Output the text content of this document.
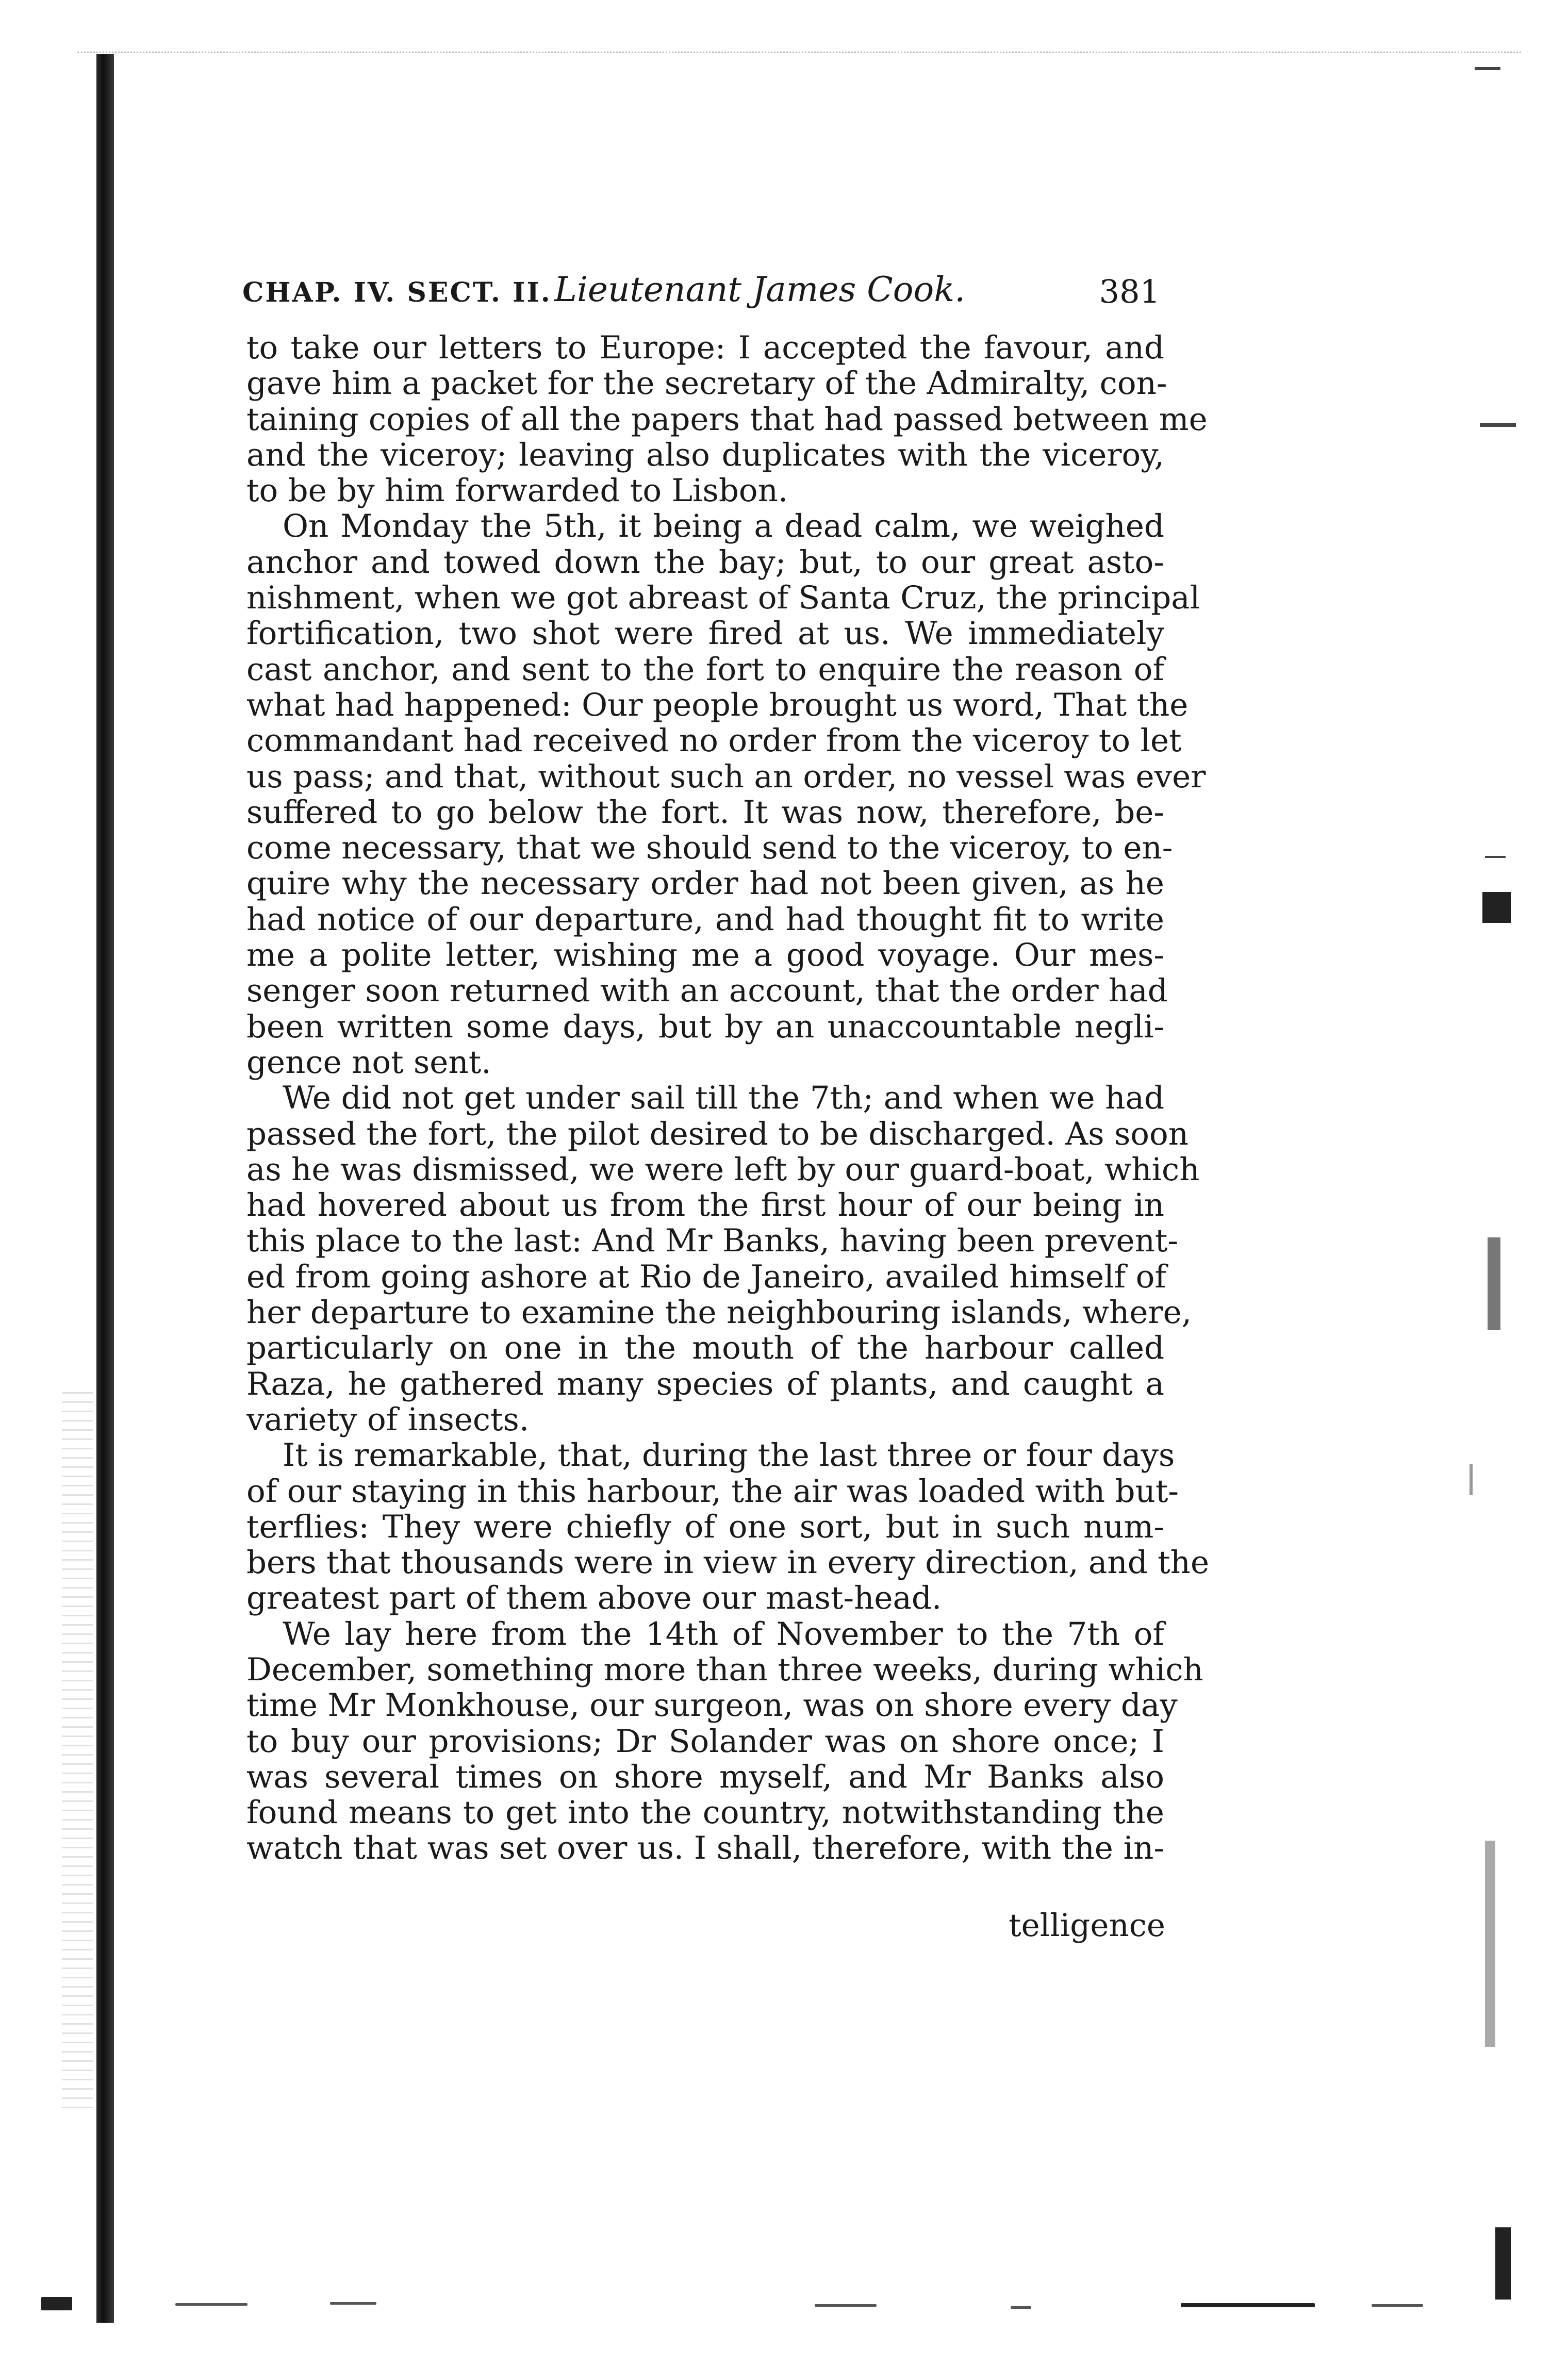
CHAP. IV. SECT. II. Lieutenant James Cook.	381
to take our letters to Europe: I accepted the favour, and
gave him a packet for the secretary of the Admiralty, con-
taining copies of all the papers that had passed between me
and the viceroy; leaving also duplicates with the viceroy,
to be by him forwarded to Lisbon.
On Monday the 5th, it being a dead calm, we weighed
anchor and towed down the bay; but, to our great asto-
nishment, when we got abreast of Santa Cruz, the principal
fortification, two shot were fired at us. We immediately
cast anchor, and sent to the fort to enquire the reason of
what had happened: Our people brought us word, That the
commandant had received no order from the viceroy to let
us pass; and that, without such an order, no vessel was ever
suffered to go below the fort. It was now, therefore, be-
come necessary, that we should send to the viceroy, to en-
quire why the necessary order had not been given, as he
had notice of our departure, and had thought fit to write
me a polite letter, wishing me a good voyage. Our mes-
senger soon returned with an account, that the order had
been written some days, but by an unaccountable negli-
gence not sent.
We did not get under sail till the 7th; and when we had
passed the fort, the pilot desired to be discharged. As soon
as he was dismissed, we were left by our guard-boat, which
had hovered about us from the first hour of our being in
this place to the last: And Mr Banks, having been prevent-
ed from going ashore at Rio de Janeiro, availed himself of
her departure to examine the neighbouring islands, where,
particularly on one in the mouth of the harbour called
Raza, he gathered many species of plants, and caught a
variety of insects.
It is remarkable, that, during the last three or four days
of our staying in this harbour, the air was loaded with but-
terflies: They were chiefly of one sort, but in such num-
bers that thousands were in view in every direction, and the
greatest part of them above our mast-head.
We lay here from the 14th of November to the 7th of
December, something more than three weeks, during which
time Mr Monkhouse, our surgeon, was on shore every day
to buy our provisions; Dr Solander was on shore once; I
was several times on shore myself, and Mr Banks also
found means to get into the country, notwithstanding the
watch that was set over us. I shall, therefore, with the in-
telligence
